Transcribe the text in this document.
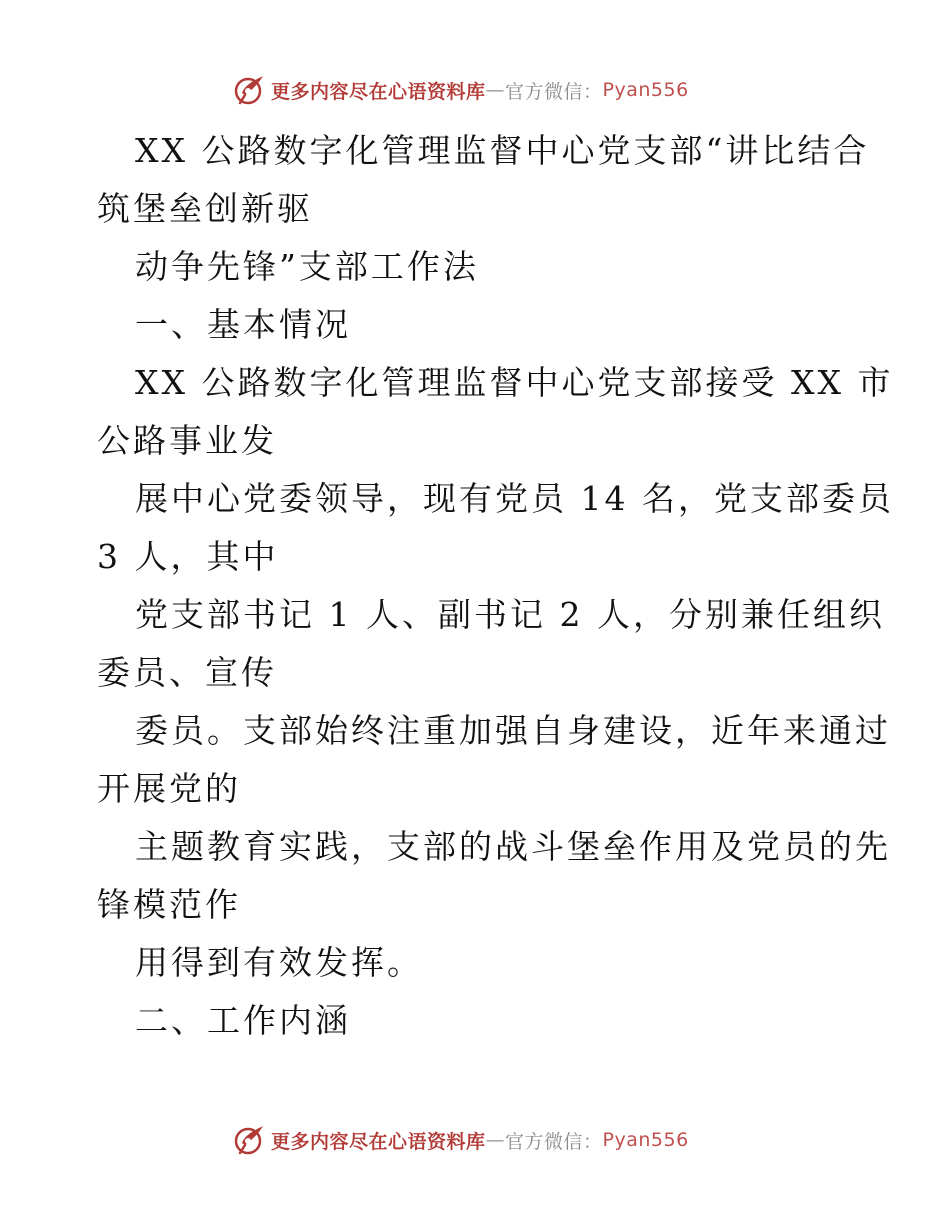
更多内容尽在心语资料库 — 官方微信： Pyan556
XX 公路数字化管理监督中心党支部“讲比结合
筑堡垒创新驱
动争先锋”支部工作法
一、基本情况
XX 公路数字化管理监督中心党支部接受 XX 市
公路事业发
展中心党委领导，现有党员 14 名，党支部委员
3 人，其中
党支部书记 1 人、副书记 2 人，分别兼任组织
委员、宣传
委员。支部始终注重加强自身建设，近年来通过
开展党的
主题教育实践，支部的战斗堡垒作用及党员的先
锋模范作
用得到有效发挥。
二、工作内涵
更多内容尽在心语资料库 — 官方微信： Pyan556
